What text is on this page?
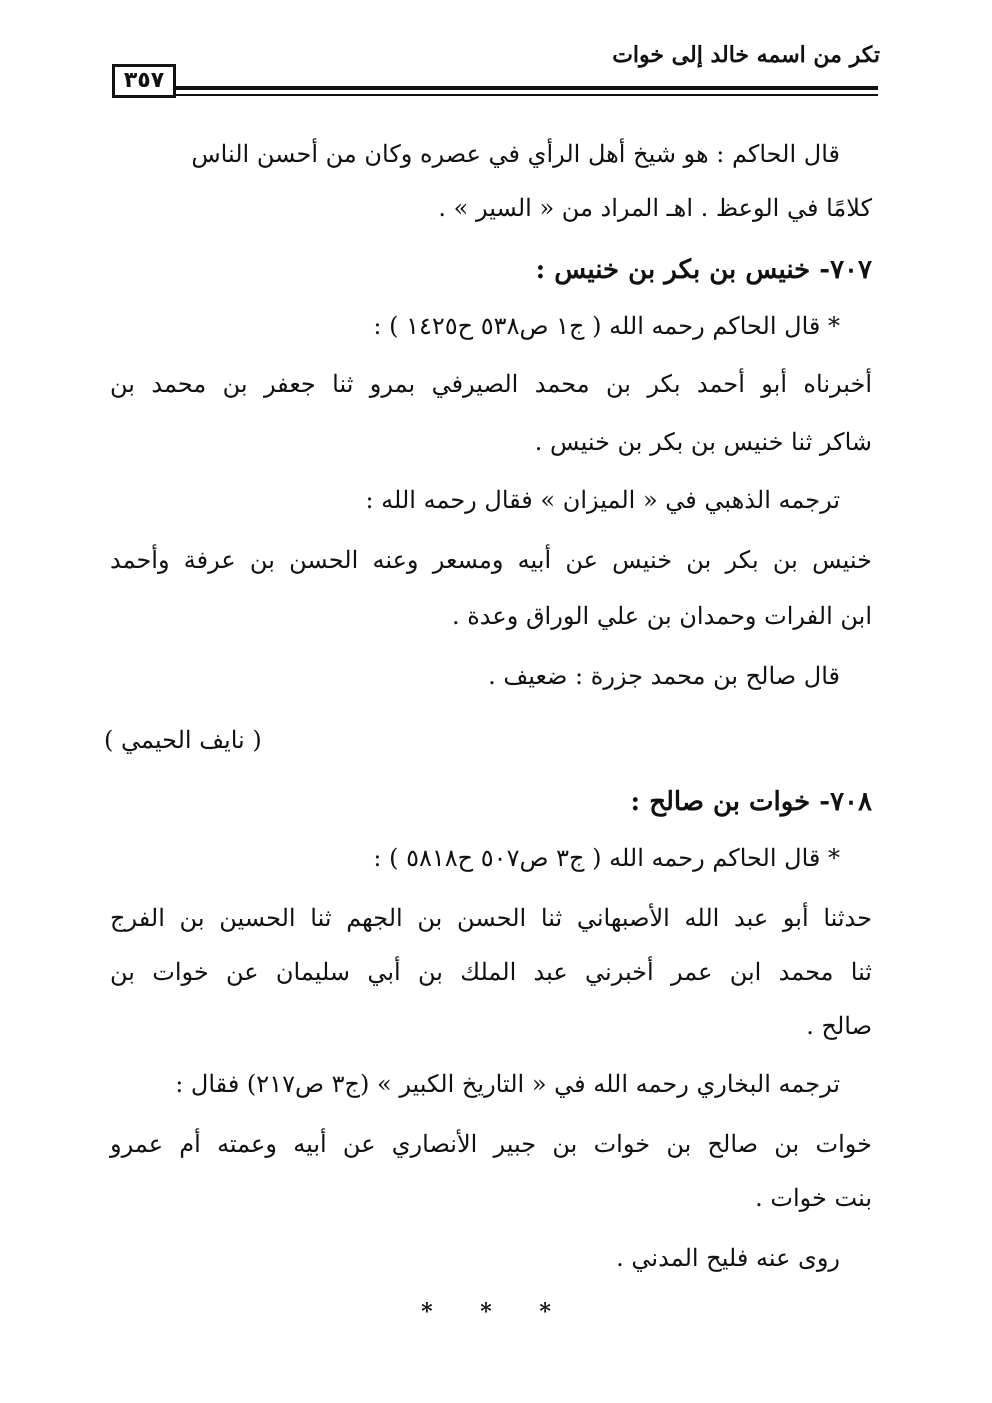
تكر من اسمه خالد إلى خوات
٣٥٧
قال الحاكم : هو شيخ أهل الرأي في عصره وكان من أحسن الناس
كلامًا في الوعظ . اهـ المراد من « السير » .
٧٠٧- خنيس بن بكر بن خنيس :
* قال الحاكم رحمه الله ( ج١ ص٥٣٨ ح١٤٢٥ ) :
أخبرناه أبو أحمد بكر بن محمد الصيرفي بمرو ثنا جعفر بن محمد بن
شاكر ثنا خنيس بن بكر بن خنيس .
ترجمه الذهبي في « الميزان » فقال رحمه الله :
خنيس بن بكر بن خنيس عن أبيه ومسعر وعنه الحسن بن عرفة وأحمد
ابن الفرات وحمدان بن علي الوراق وعدة .
قال صالح بن محمد جزرة : ضعيف .
( نايف الحيمي )
٧٠٨- خوات بن صالح :
* قال الحاكم رحمه الله ( ج٣ ص٥٠٧ ح٥٨١٨ ) :
حدثنا أبو عبد الله الأصبهاني ثنا الحسن بن الجهم ثنا الحسين بن الفرج
ثنا محمد ابن عمر أخبرني عبد الملك بن أبي سليمان عن خوات بن
صالح .
ترجمه البخاري رحمه الله في « التاريخ الكبير » (ج٣ ص٢١٧) فقال :
خوات بن صالح بن خوات بن جبير الأنصاري عن أبيه وعمته أم عمرو
بنت خوات .
روى عنه فليح المدني .
* * *
